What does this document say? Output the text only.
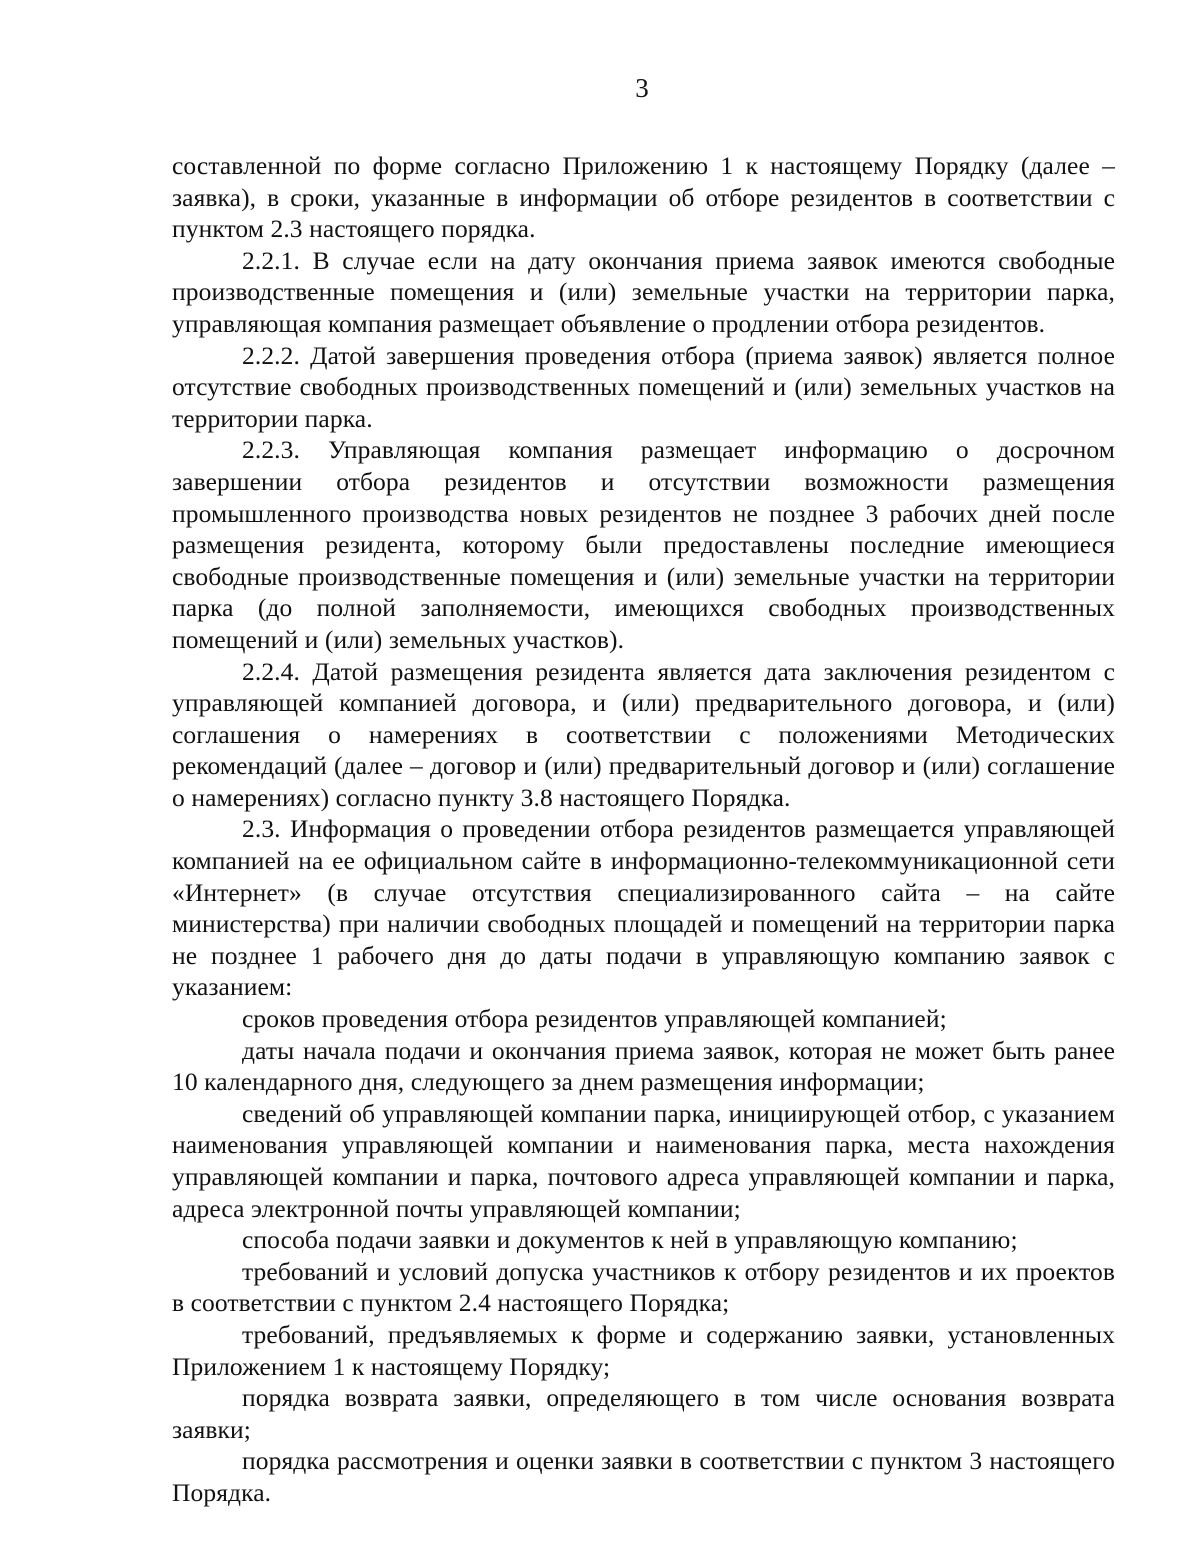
3

составленной по форме согласно Приложению 1 к настоящему Порядку (далее – заявка), в сроки, указанные в информации об отборе резидентов в соответствии с пунктом 2.3 настоящего порядка.

2.2.1. В случае если на дату окончания приема заявок имеются свободные производственные помещения и (или) земельные участки на территории парка, управляющая компания размещает объявление о продлении отбора резидентов.

2.2.2. Датой завершения проведения отбора (приема заявок) является полное отсутствие свободных производственных помещений и (или) земельных участков на территории парка.

2.2.3. Управляющая компания размещает информацию о досрочном завершении отбора резидентов и отсутствии возможности размещения промышленного производства новых резидентов не позднее 3 рабочих дней после размещения резидента, которому были предоставлены последние имеющиеся свободные производственные помещения и (или) земельные участки на территории парка (до полной заполняемости, имеющихся свободных производственных помещений и (или) земельных участков).

2.2.4. Датой размещения резидента является дата заключения резидентом с управляющей компанией договора, и (или) предварительного договора, и (или) соглашения о намерениях в соответствии с положениями Методических рекомендаций (далее – договор и (или) предварительный договор и (или) соглашение о намерениях) согласно пункту 3.8 настоящего Порядка.

2.3. Информация о проведении отбора резидентов размещается управляющей компанией на ее официальном сайте в информационно-телекоммуникационной сети «Интернет» (в случае отсутствия специализированного сайта – на сайте министерства) при наличии свободных площадей и помещений на территории парка не позднее 1 рабочего дня до даты подачи в управляющую компанию заявок с указанием:

сроков проведения отбора резидентов управляющей компанией;

даты начала подачи и окончания приема заявок, которая не может быть ранее 10 календарного дня, следующего за днем размещения информации;

сведений об управляющей компании парка, инициирующей отбор, с указанием наименования управляющей компании и наименования парка, места нахождения управляющей компании и парка, почтового адреса управляющей компании и парка, адреса электронной почты управляющей компании;

способа подачи заявки и документов к ней в управляющую компанию;

требований и условий допуска участников к отбору резидентов и их проектов в соответствии с пунктом 2.4 настоящего Порядка;

требований, предъявляемых к форме и содержанию заявки, установленных Приложением 1 к настоящему Порядку;

порядка возврата заявки, определяющего в том числе основания возврата заявки;

порядка рассмотрения и оценки заявки в соответствии с пунктом 3 настоящего Порядка.
